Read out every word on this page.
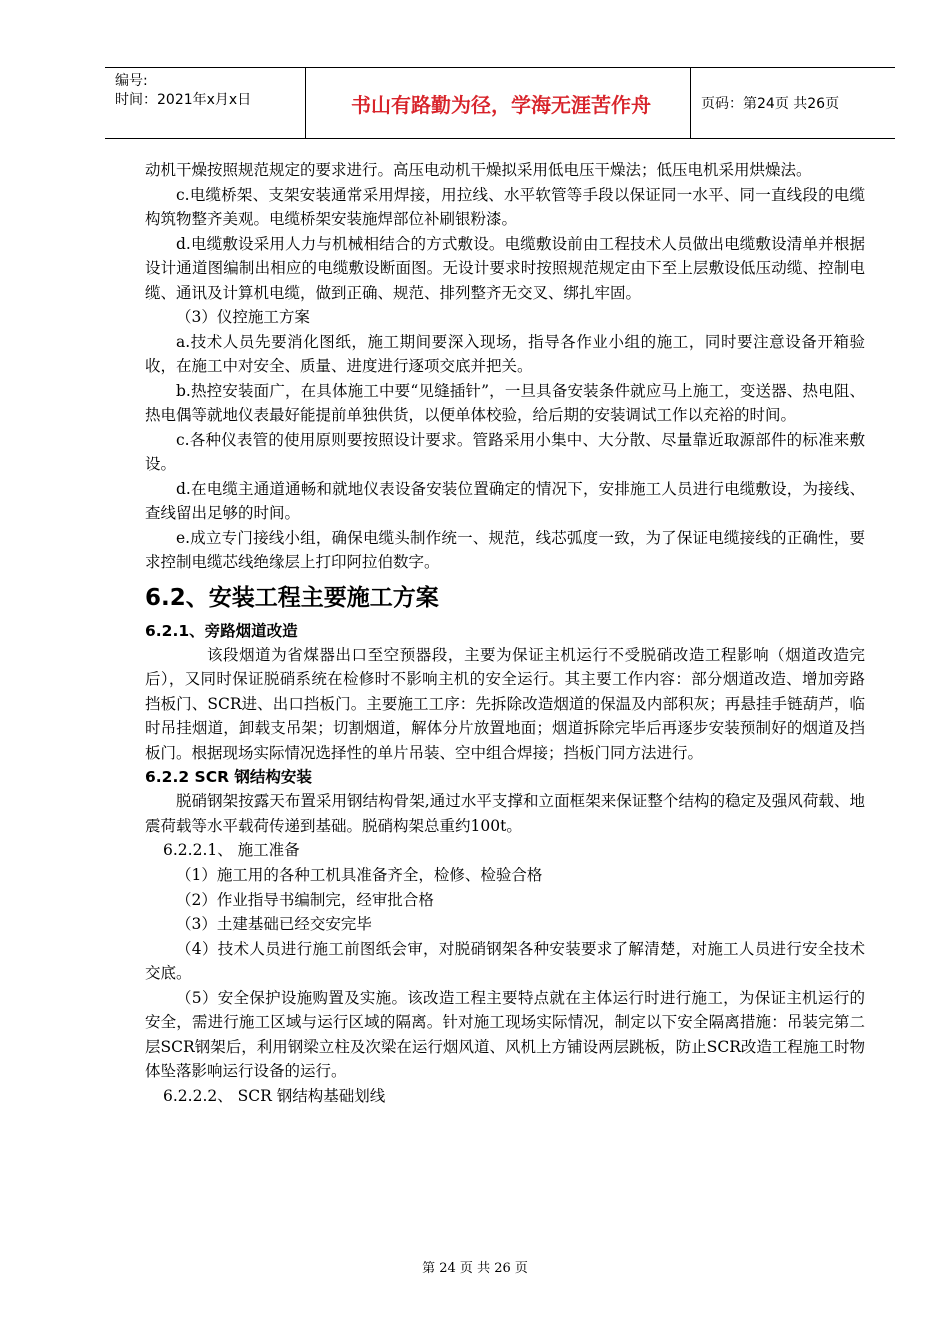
编号:
时间：2021年x月x日	书山有路勤为径，学海无涯苦作舟	页码：第24页 共26页

动机干燥按照规范规定的要求进行。高压电动机干燥拟采用低电压干燥法；低压电机采用烘燥法。

c.电缆桥架、支架安装通常采用焊接，用拉线、水平软管等手段以保证同一水平、同一直线段的电缆构筑物整齐美观。电缆桥架安装施焊部位补刷银粉漆。

d.电缆敷设采用人力与机械相结合的方式敷设。电缆敷设前由工程技术人员做出电缆敷设清单并根据设计通道图编制出相应的电缆敷设断面图。无设计要求时按照规范规定由下至上层敷设低压动缆、控制电缆、通讯及计算机电缆，做到正确、规范、排列整齐无交叉、绑扎牢固。

（3）仪控施工方案

a.技术人员先要消化图纸，施工期间要深入现场，指导各作业小组的施工，同时要注意设备开箱验收，在施工中对安全、质量、进度进行逐项交底并把关。

b.热控安装面广，在具体施工中要“见缝插针”，一旦具备安装条件就应马上施工，变送器、热电阻、热电偶等就地仪表最好能提前单独供货，以便单体校验，给后期的安装调试工作以充裕的时间。

c.各种仪表管的使用原则要按照设计要求。管路采用小集中、大分散、尽量靠近取源部件的标准来敷设。

d.在电缆主通道通畅和就地仪表设备安装位置确定的情况下，安排施工人员进行电缆敷设，为接线、查线留出足够的时间。

e.成立专门接线小组，确保电缆头制作统一、规范，线芯弧度一致，为了保证电缆接线的正确性，要求控制电缆芯线绝缘层上打印阿拉伯数字。

6.2、安装工程主要施工方案
6.2.1、旁路烟道改造

该段烟道为省煤器出口至空预器段，主要为保证主机运行不受脱硝改造工程影响（烟道改造完后），又同时保证脱硝系统在检修时不影响主机的安全运行。其主要工作内容：部分烟道改造、增加旁路挡板门、SCR进、出口挡板门。主要施工工序：先拆除改造烟道的保温及内部积灰；再悬挂手链葫芦，临时吊挂烟道，卸载支吊架；切割烟道，解体分片放置地面；烟道拆除完毕后再逐步安装预制好的烟道及挡板门。根据现场实际情况选择性的单片吊装、空中组合焊接；挡板门同方法进行。

6.2.2 SCR 钢结构安装

脱硝钢架按露天布置采用钢结构骨架,通过水平支撑和立面框架来保证整个结构的稳定及强风荷载、地震荷载等水平载荷传递到基础。脱硝构架总重约100t。

6.2.2.1、 施工准备

（1）施工用的各种工机具准备齐全，检修、检验合格

（2）作业指导书编制完，经审批合格

（3）土建基础已经交安完毕

（4）技术人员进行施工前图纸会审，对脱硝钢架各种安装要求了解清楚，对施工人员进行安全技术交底。

（5）安全保护设施购置及实施。该改造工程主要特点就在主体运行时进行施工，为保证主机运行的安全，需进行施工区域与运行区域的隔离。针对施工现场实际情况，制定以下安全隔离措施：吊装完第二层SCR钢架后，利用钢梁立柱及次梁在运行烟风道、风机上方铺设两层跳板，防止SCR改造工程施工时物体坠落影响运行设备的运行。

6.2.2.2、 SCR 钢结构基础划线
第 24 页 共 26 页
